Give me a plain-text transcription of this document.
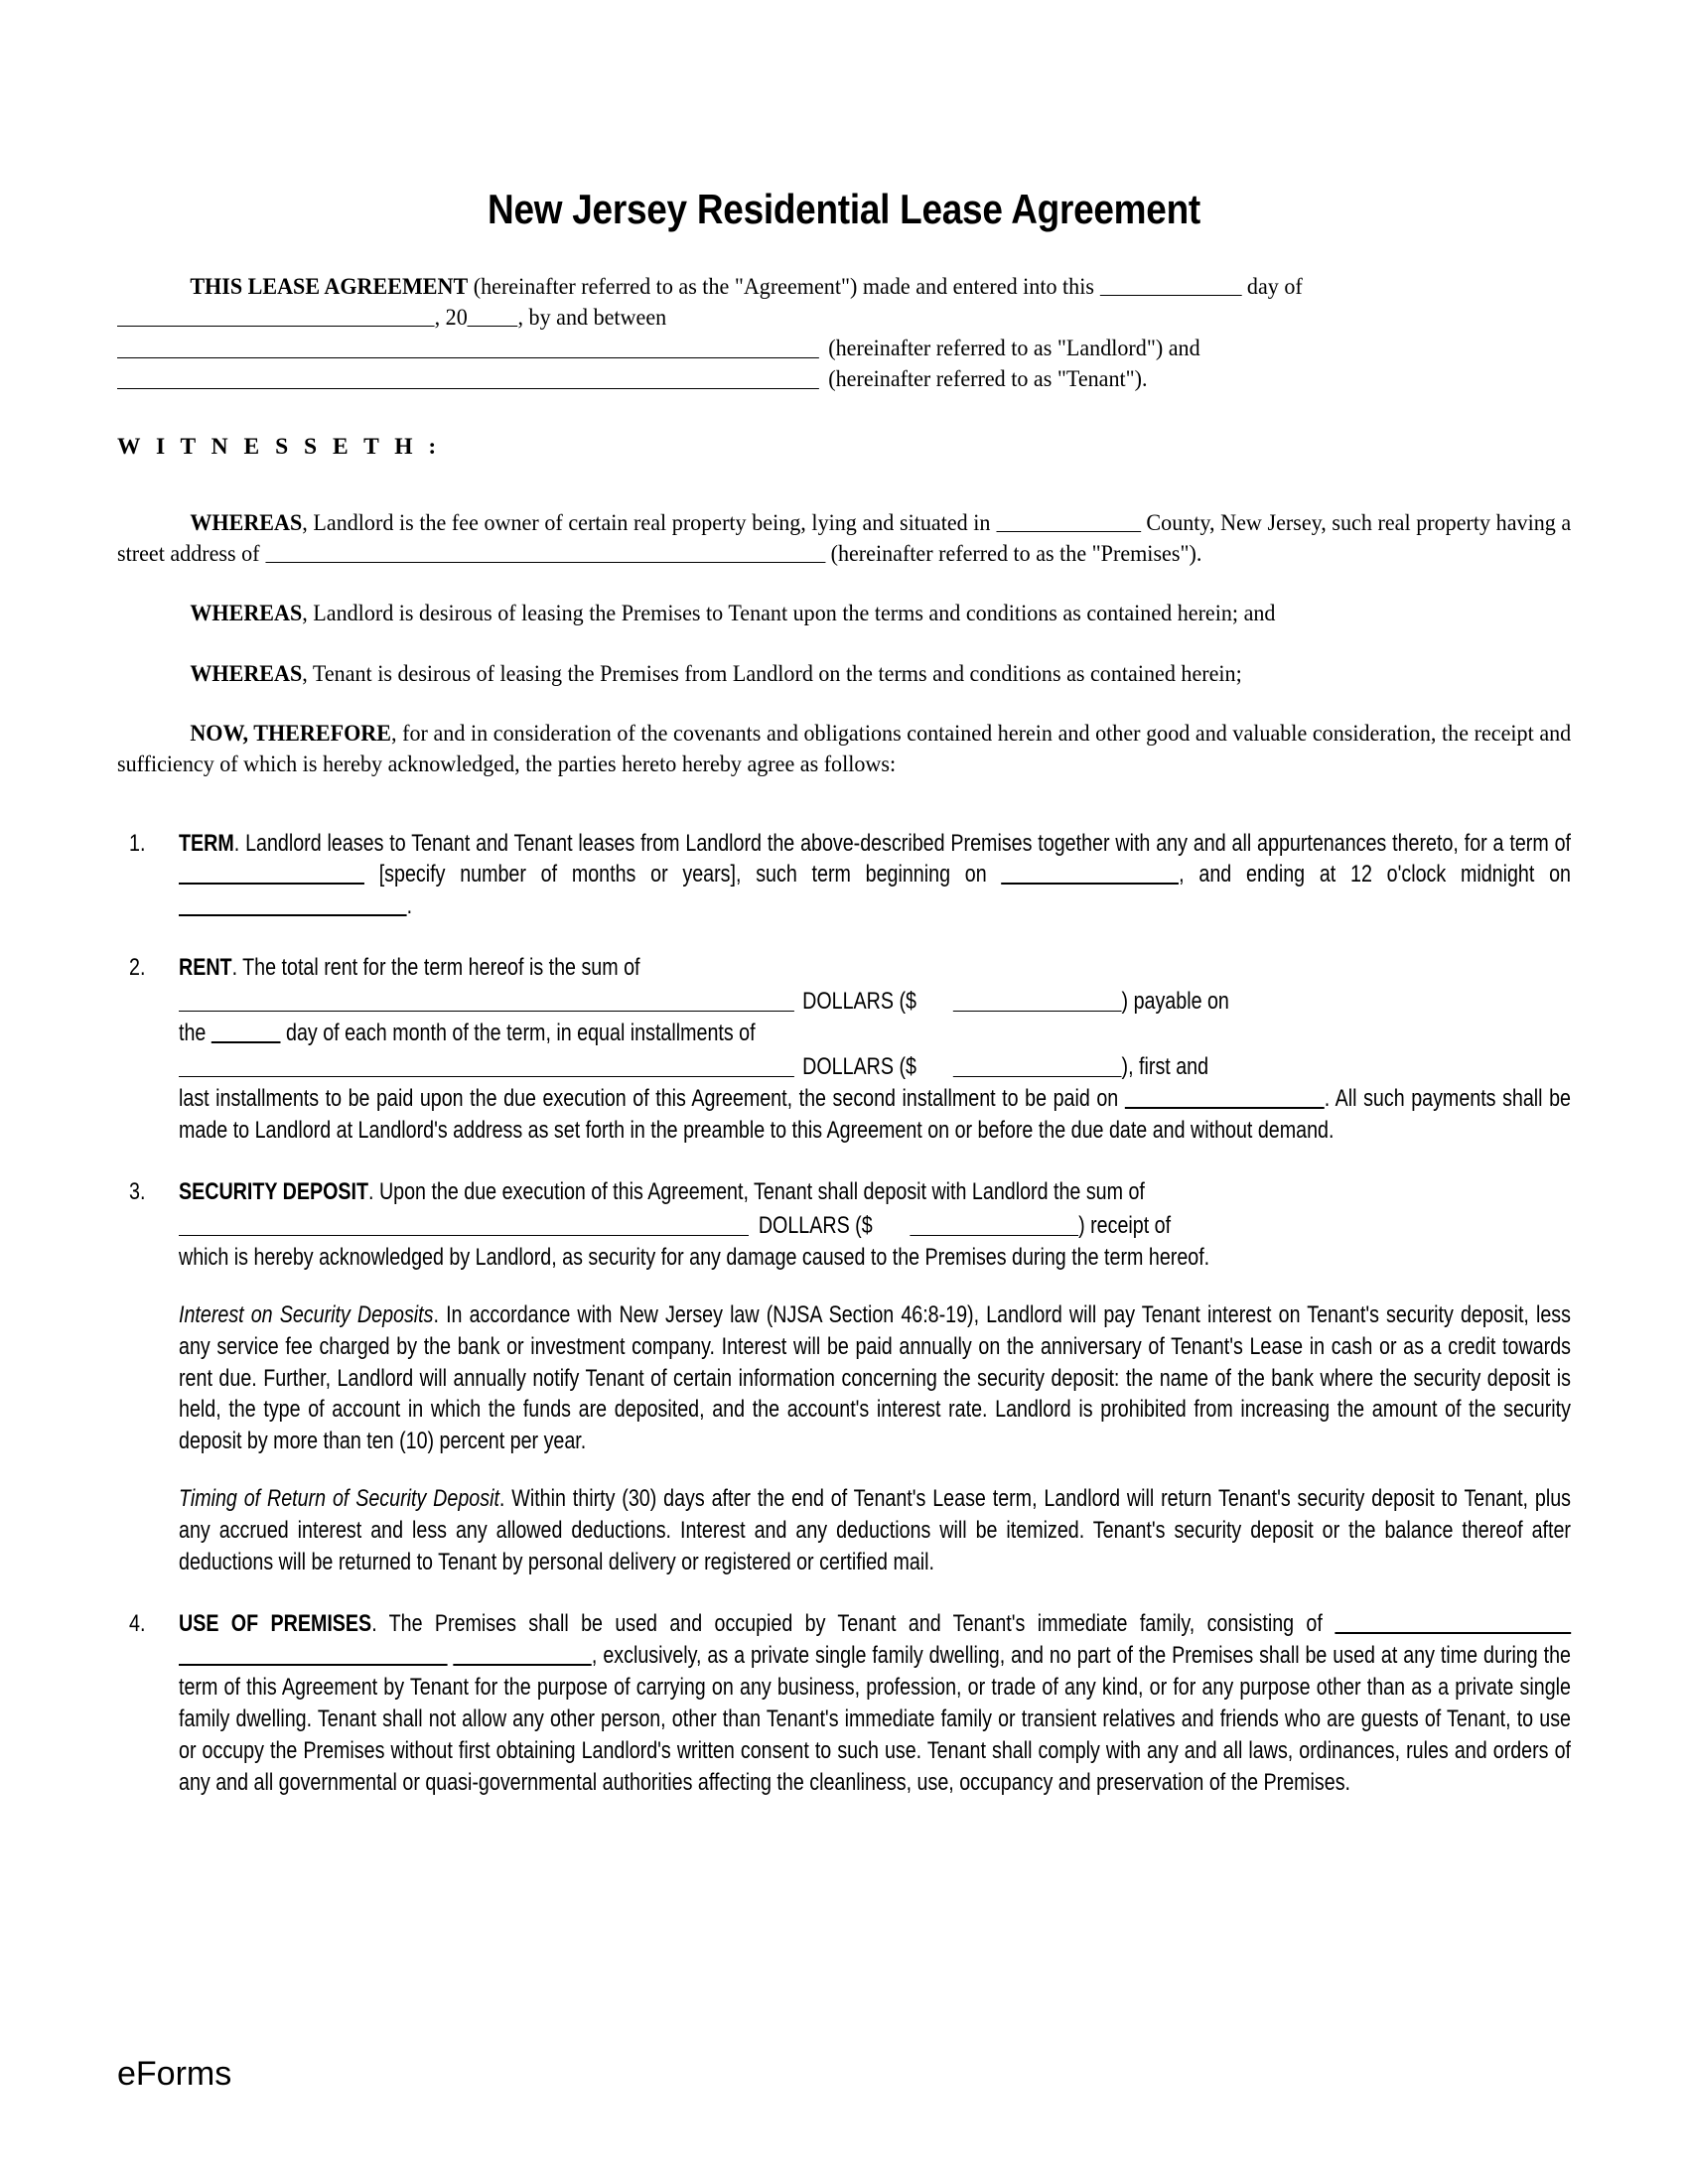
New Jersey Residential Lease Agreement

THIS LEASE AGREEMENT (hereinafter referred to as the "Agreement") made and entered into this	day of

, 20 , by and between

(hereinafter referred to as "Landlord") and
(hereinafter referred to as "Tenant").
W I T N E S S E T H :

WHEREAS, Landlord is the fee owner of certain real property being, lying and situated in	County, New Jersey, such real property having a street address of	(hereinafter referred to as the "Premises").

WHEREAS, Landlord is desirous of leasing the Premises to Tenant upon the terms and conditions as contained herein; and

WHEREAS, Tenant is desirous of leasing the Premises from Landlord on the terms and conditions as contained herein;

NOW, THEREFORE, for and in consideration of the covenants and obligations contained herein and other good and valuable consideration, the receipt and sufficiency of which is hereby acknowledged, the parties hereto hereby agree as follows:

1.	TERM. Landlord leases to Tenant and Tenant leases from Landlord the above-described Premises together with any and all appurtenances thereto, for a term of  [specify number of months or years], such term beginning on	, and ending at 12 o'clock midnight on .

2.	RENT. The total rent for the term hereof is the sum of

DOLLARS ($	) payable on

the	day of each month of the term, in equal installments of

DOLLARS ($	), first and

last installments to be paid upon the due execution of this Agreement, the second installment to be paid on	. All such payments shall be made to Landlord at Landlord's address as set forth in the preamble to this Agreement on or before the due date and without demand.

3.	SECURITY DEPOSIT. Upon the due execution of this Agreement, Tenant shall deposit with Landlord the sum of

DOLLARS ($	) receipt of

which is hereby acknowledged by Landlord, as security for any damage caused to the Premises during the term hereof.

Interest on Security Deposits. In accordance with New Jersey law (NJSA Section 46:8-19), Landlord will pay Tenant interest on Tenant's security deposit, less any service fee charged by the bank or investment company. Interest will be paid annually on the anniversary of Tenant's Lease in cash or as a credit towards rent due. Further, Landlord will annually notify Tenant of certain information concerning the security deposit: the name of the bank where the security deposit is held, the type of account in which the funds are deposited, and the account's interest rate. Landlord is prohibited from increasing the amount of the security deposit by more than ten (10) percent per year.

Timing of Return of Security Deposit. Within thirty (30) days after the end of Tenant's Lease term, Landlord will return Tenant's security deposit to Tenant, plus any accrued interest and less any allowed deductions. Interest and any deductions will be itemized. Tenant's security deposit or the balance thereof after deductions will be returned to Tenant by personal delivery or registered or certified mail.

4.	USE OF PREMISES. The Premises shall be used and occupied by Tenant and Tenant's immediate family, consisting of   , exclusively, as a private single family dwelling, and no part of the Premises shall be used at any time during the term of this Agreement by Tenant for the purpose of carrying on any business, profession, or trade of any kind, or for any purpose other than as a private single family dwelling. Tenant shall not allow any other person, other than Tenant's immediate family or transient relatives and friends who are guests of Tenant, to use or occupy the Premises without first obtaining Landlord's written consent to such use. Tenant shall comply with any and all laws, ordinances, rules and orders of any and all governmental or quasi-governmental authorities affecting the cleanliness, use, occupancy and preservation of the Premises.

eForms
